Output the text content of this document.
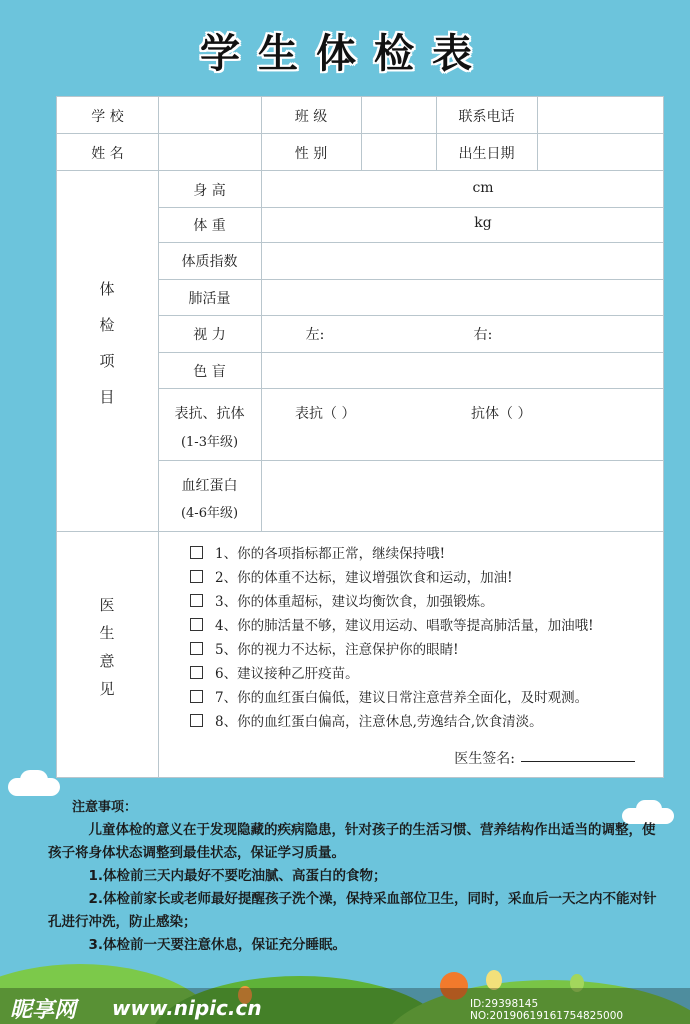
学生体检表
学 校	班 级	联系电话
姓 名	性 别	出生日期
体
检
项
目
身 高	cm
体 重	kg
体质指数
肺活量
视 力	左:	右:
色 盲
表抗、抗体
(1-3年级)
表抗（ ）	抗体（ ）
血红蛋白
(4-6年级)
医
生
意
见
1、你的各项指标都正常，继续保持哦!
2、你的体重不达标，建议增强饮食和运动，加油!
3、你的体重超标，建议均衡饮食，加强锻炼。
4、你的肺活量不够，建议用运动、唱歌等提高肺活量，加油哦!
5、你的视力不达标，注意保护你的眼睛!
6、建议接种乙肝疫苗。
7、你的血红蛋白偏低，建议日常注意营养全面化，及时观测。
8、你的血红蛋白偏高，注意休息,劳逸结合,饮食清淡。
医生签名:

注意事项：

儿童体检的意义在于发现隐藏的疾病隐患，针对孩子的生活习惯、营养结构作出适当的调整，使孩子将身体状态调整到最佳状态，保证学习质量。

1.体检前三天内最好不要吃油腻、高蛋白的食物；

2.体检前家长或老师最好提醒孩子洗个澡，保持采血部位卫生，同时，采血后一天之内不能对针孔进行冲洗，防止感染；

3.体检前一天要注意休息，保证充分睡眠。

昵享网 www.nipic.cn	ID:29398145 NO:20190619161754825000
